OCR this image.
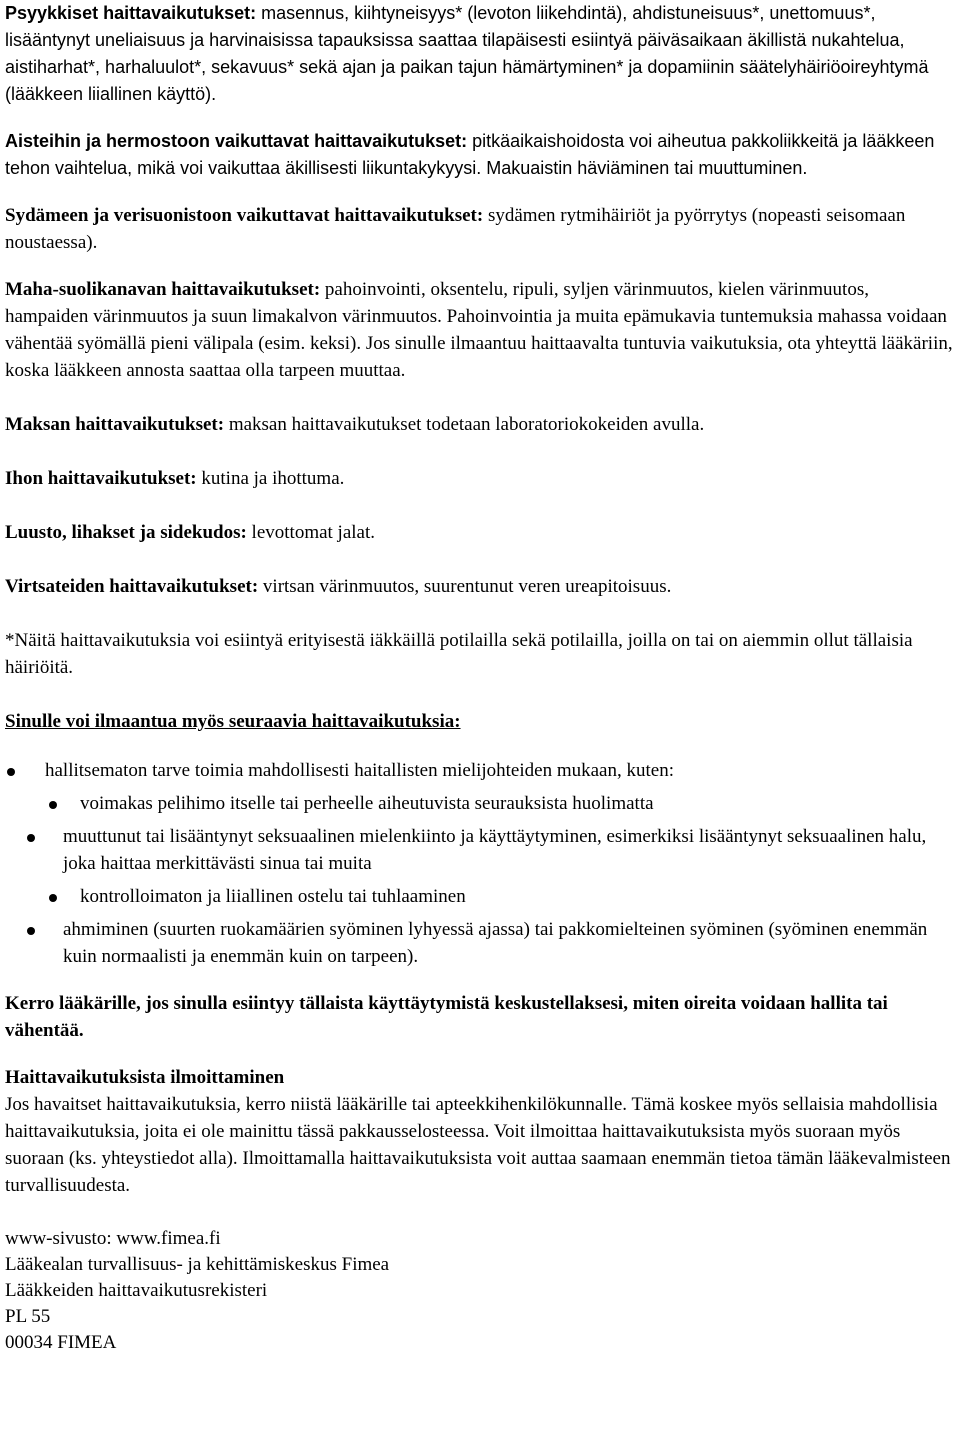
Psyykkiset haittavaikutukset: masennus, kiihtyneisyys* (levoton liikehdintä), ahdistuneisuus*, unettomuus*, lisääntynyt uneliaisuus ja harvinaisissa tapauksissa saattaa tilapäisesti esiintyä päiväsaikaan äkillistä nukahtelua, aistiharhat*, harhaluulot*, sekavuus* sekä ajan ja paikan tajun hämärtyminen* ja dopamiinin säätelyhäiriöoireyhtymä (lääkkeen liiallinen käyttö).

Aisteihin ja hermostoon vaikuttavat haittavaikutukset: pitkäaikaishoidosta voi aiheutua pakkoliikkeitä ja lääkkeen tehon vaihtelua, mikä voi vaikuttaa äkillisesti liikuntakykyysi. Makuaistin häviäminen tai muuttuminen.

Sydämeen ja verisuonistoon vaikuttavat haittavaikutukset: sydämen rytmihäiriöt ja pyörrytys (nopeasti seisomaan noustaessa).

Maha-suolikanavan haittavaikutukset: pahoinvointi, oksentelu, ripuli, syljen värinmuutos, kielen värinmuutos, hampaiden värinmuutos ja suun limakalvon värinmuutos. Pahoinvointia ja muita epämukavia tuntemuksia mahassa voidaan vähentää syömällä pieni välipala (esim. keksi). Jos sinulle ilmaantuu haittaavalta tuntuvia vaikutuksia, ota yhteyttä lääkäriin, koska lääkkeen annosta saattaa olla tarpeen muuttaa.

Maksan haittavaikutukset: maksan haittavaikutukset todetaan laboratoriokokeiden avulla.

Ihon haittavaikutukset: kutina ja ihottuma.

Luusto, lihakset ja sidekudos: levottomat jalat.

Virtsateiden haittavaikutukset: virtsan värinmuutos, suurentunut veren ureapitoisuus.

*Näitä haittavaikutuksia voi esiintyä erityisestä iäkkäillä potilailla sekä potilailla, joilla on tai on aiemmin ollut tällaisia häiriöitä.

Sinulle voi ilmaantua myös seuraavia haittavaikutuksia:

hallitsematon tarve toimia mahdollisesti haitallisten mielijohteiden mukaan, kuten:
voimakas pelihimo itselle tai perheelle aiheutuvista seurauksista huolimatta
muuttunut tai lisääntynyt seksuaalinen mielenkiinto ja käyttäytyminen, esimerkiksi lisääntynyt seksuaalinen halu, joka haittaa merkittävästi sinua tai muita
kontrolloimaton ja liiallinen ostelu tai tuhlaaminen
ahmiminen (suurten ruokamäärien syöminen lyhyessä ajassa) tai pakkomielteinen syöminen (syöminen enemmän kuin normaalisti ja enemmän kuin on tarpeen).

Kerro lääkärille, jos sinulla esiintyy tällaista käyttäytymistä keskustellaksesi, miten oireita voidaan hallita tai vähentää.

Haittavaikutuksista ilmoittaminen

Jos havaitset haittavaikutuksia, kerro niistä lääkärille tai apteekkihenkilökunnalle. Tämä koskee myös sellaisia mahdollisia haittavaikutuksia, joita ei ole mainittu tässä pakkausselosteessa. Voit ilmoittaa haittavaikutuksista myös suoraan myös suoraan (ks. yhteystiedot alla). Ilmoittamalla haittavaikutuksista voit auttaa saamaan enemmän tietoa tämän lääkevalmisteen turvallisuudesta.

www-sivusto: www.fimea.fi

Lääkealan turvallisuus- ja kehittämiskeskus Fimea

Lääkkeiden haittavaikutusrekisteri

PL 55

00034 FIMEA
